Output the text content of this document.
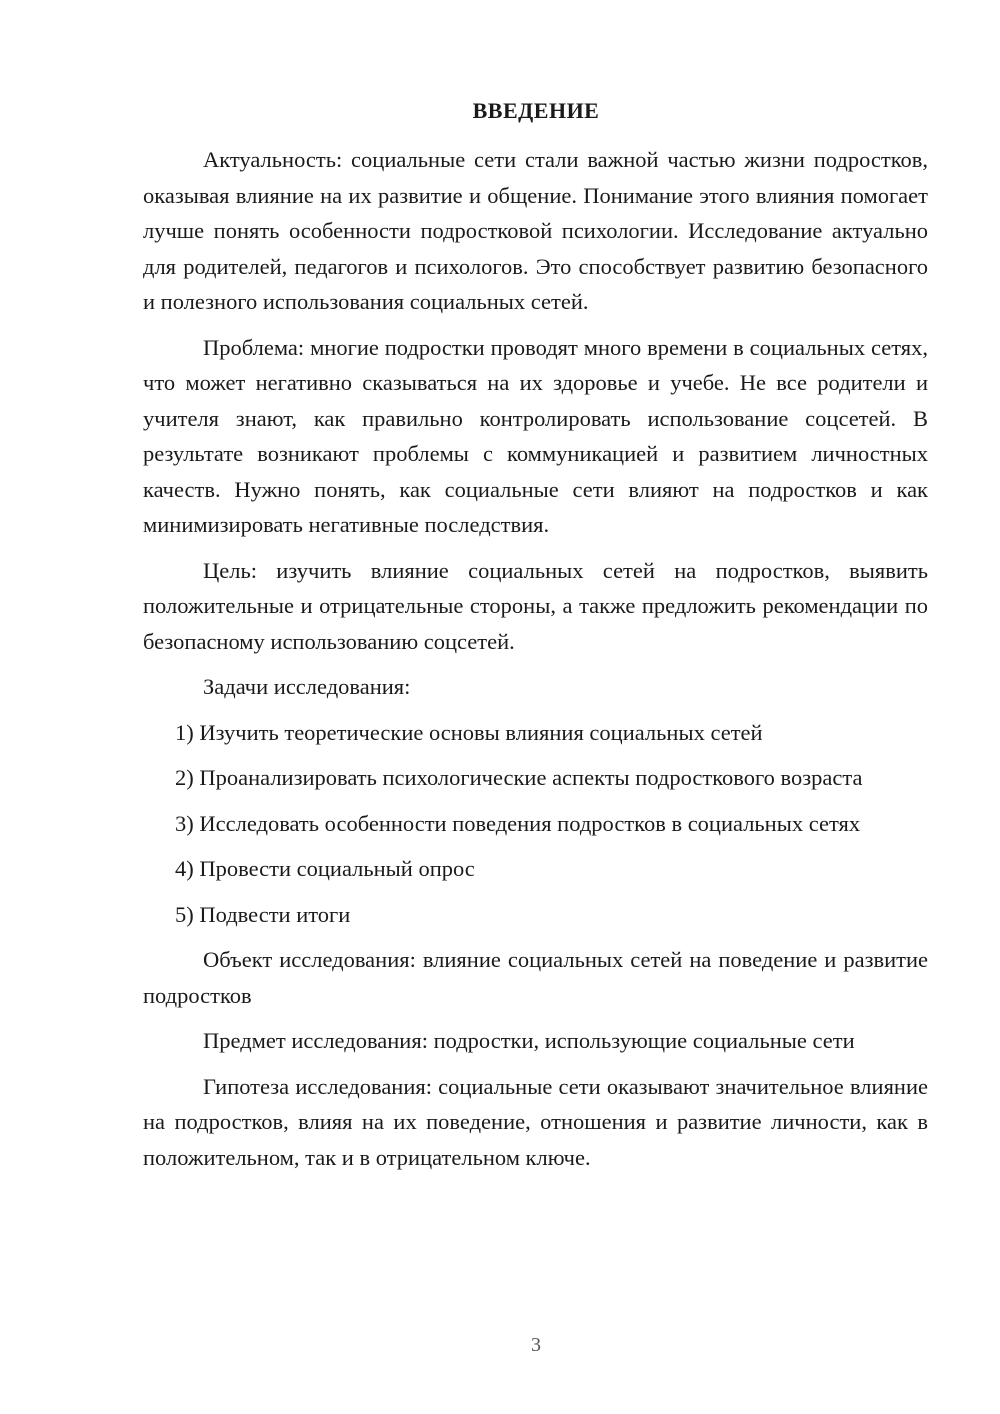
ВВЕДЕНИЕ

Актуальность: социальные сети стали важной частью жизни подростков, оказывая влияние на их развитие и общение. Понимание этого влияния помогает лучше понять особенности подростковой психологии. Исследование актуально для родителей, педагогов и психологов. Это способствует развитию безопасного и полезного использования социальных сетей.

Проблема: многие подростки проводят много времени в социальных сетях, что может негативно сказываться на их здоровье и учебе. Не все родители и учителя знают, как правильно контролировать использование соцсетей. В результате возникают проблемы с коммуникацией и развитием личностных качеств. Нужно понять, как социальные сети влияют на подростков и как минимизировать негативные последствия.

Цель: изучить влияние социальных сетей на подростков, выявить положительные и отрицательные стороны, а также предложить рекомендации по безопасному использованию соцсетей.

Задачи исследования:

1) Изучить теоретические основы влияния социальных сетей

2) Проанализировать психологические аспекты подросткового возраста

3) Исследовать особенности поведения подростков в социальных сетях

4) Провести социальный опрос

5) Подвести итоги

Объект исследования: влияние социальных сетей на поведение и развитие подростков

Предмет исследования: подростки, использующие социальные сети

Гипотеза исследования: социальные сети оказывают значительное влияние на подростков, влияя на их поведение, отношения и развитие личности, как в положительном, так и в отрицательном ключе.

3
